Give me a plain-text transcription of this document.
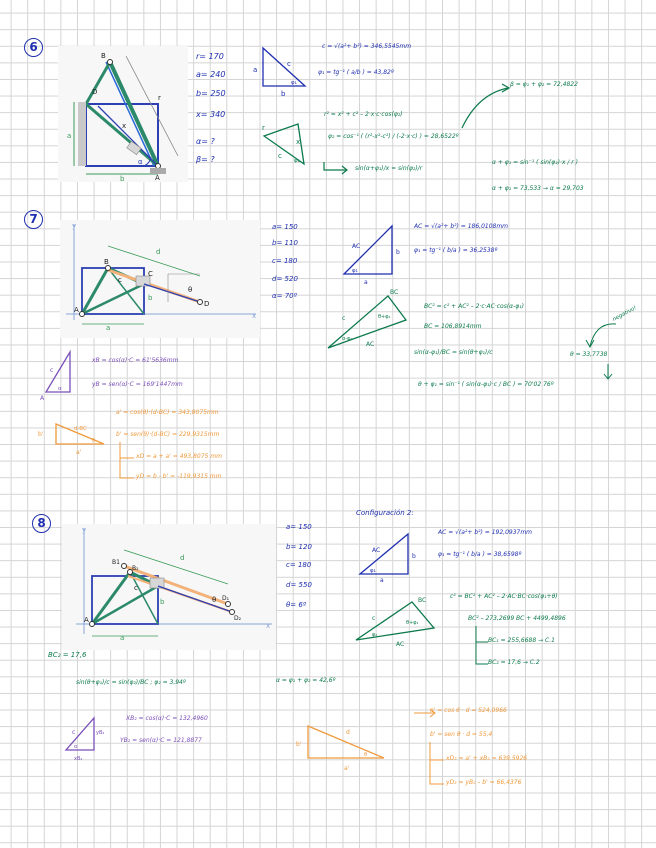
6
B
D
A
a
b
r
x
α
r= 170
a= 240
b= 250
x= 340
α= ?
β= ?
a
b
c
φ₁
r
x
c
φ₂
c = √(a²+ b²) = 346,5545mm
φ₁ = tg⁻¹ ( a/b ) = 43,82º
r² = x² + c² – 2·x·c·cos(φ₂)
φ₂ = cos⁻¹ ( (r²-x²-c²) / (-2·x·c) ) = 28,6522º
β = φ₁ + φ₂ = 72,4822
sin(α+φ₁)/x = sin(φ₂)/r
α + φ₁ = sin⁻¹ ( sin(φ₂)·x / r )
α + φ₁ = 73,533 → α = 29,703
7	y
x
A
B
C
D
a
b
c
d
θ
a= 150
b= 110
c= 180
d= 520
α= 70º
AC
a
b
φ₁
AC = √(a²+ b²) = 186,0108mm
φ₁ = tg⁻¹ ( b/a ) = 36,2538º
BC
c
AC
α-φ₁
θ+φ₁
BC² = c² + AC² – 2·c·AC·cos(α-φ₁)
BC = 106,8914mm
sin(α-φ₁)/BC = sin(θ+φ₁)/c
θ + φ₁ = sin⁻¹ ( sin(α-φ₁)·c / BC ) = 70'02 76º
θ = 33,7738
negativo!
c
α
A
xB = cos(α)·C = 61'5636mm
yB = sen(α)·C = 169'1447mm
d-BC
b'
a'
θ
a' = cos(θ)·(d-BC) = 343,8075mm
b' = sen(θ)·(d-BC) = 229,9315mm
xD = a + a' = 493,8075 mm
yD = b - b' = -119,9315 mm
8	y
x
B1
B₂
D₁
D₂
A
a
b
c
d
θ
a= 150
b= 120
c= 180
d= 550
θ= 6º
Configuración 2:
AC
a
b
φ₁
AC = √(a²+ b²) = 192,0937mm
φ₁ = tg⁻¹ ( b/a ) = 38,6598º
BC
c
AC
φ₂
θ+φ₁
c² = BC² + AC² – 2·AC·BC·cos(φ₁+θ)
BC² – 273,2699 BC + 4499,4896
BC₁ = 255,6688 → C.1
BC₂ = 17,6 → C.2
BC₂ = 17,6
sin(θ+φ₁)/c = sin(φ₂)/BC ; φ₂ = 3,94º	α = φ₁ + φ₂ = 42,6º
c	yB₂
xB₂
α
XB₂ = cos(α)·C = 132,4960
YB₂ = sen(α)·C = 121,8877
d
b'
a'
θ
a' = cos θ · d = 524,0966
b' = sen θ · d = 55,4
xD₂ = a' + xB₂ = 639,5926
yD₂ = yB₂ – b' = 66,4376
